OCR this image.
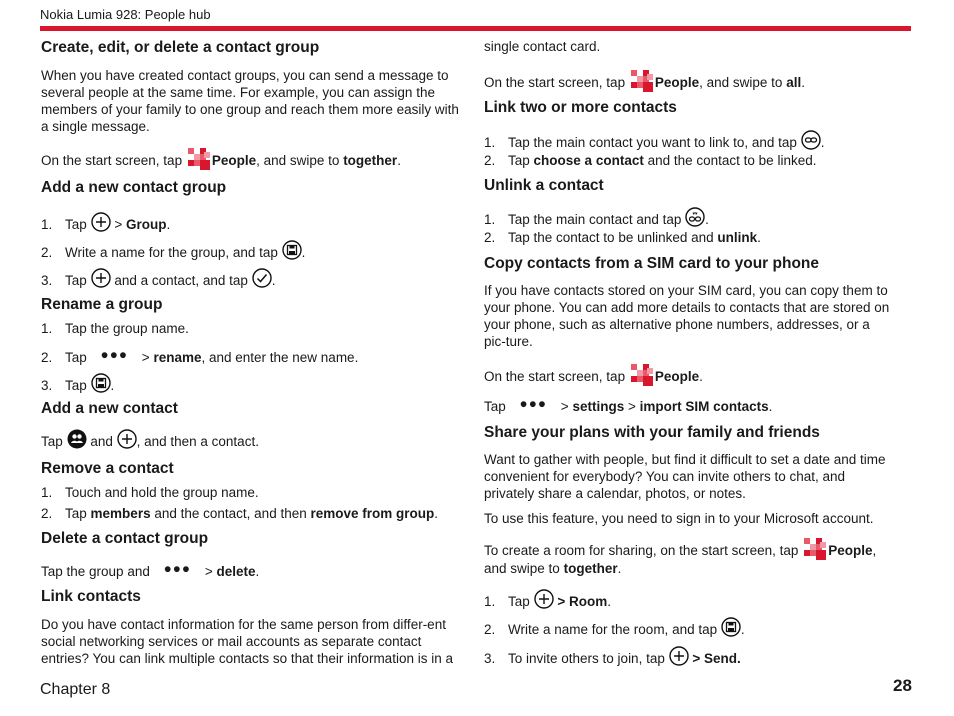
Nokia Lumia 928: People hub
Create, edit, or delete a contact group

When you have created contact groups, you can send a message to several people at the same time. For example, you can assign the members of your family to one group and reach them more easily with a single message.

On the start screen, tap People, and swipe to together.
Add a new contact group
1. Tap > Group.
2. Write a name for the group, and tap .
3. Tap and a contact, and tap .
Rename a group
1. Tap the group name.
2. Tap ●●● > rename, and enter the new name.
3. Tap .
Add a new contact
Tap and , and then a contact.
Remove a contact
1. Touch and hold the group name.
2. Tap members and the contact, and then remove from group.
Delete a contact group
Tap the group and ●●● > delete.
Link contacts

Do you have contact information for the same person from differ-ent social networking services or mail accounts as separate contact entries? You can link multiple contacts so that their information is in a

single contact card.
On the start screen, tap People, and swipe to all.
Link two or more contacts
1. Tap the main contact you want to link to, and tap .
2. Tap choose a contact and the contact to be linked.
Unlink a contact
1. Tap the main contact and tap .
2. Tap the contact to be unlinked and unlink.
Copy contacts from a SIM card to your phone

If you have contacts stored on your SIM card, you can copy them to your phone. You can add more details to contacts that are stored on your phone, such as alternative phone numbers, addresses, or a pic-ture.

On the start screen, tap People.
Tap ●●● > settings > import SIM contacts.
Share your plans with your family and friends

Want to gather with people, but find it difficult to set a date and time convenient for everybody? You can invite others to chat, and privately share a calendar, photos, or notes.

To use this feature, you need to sign in to your Microsoft account.

To create a room for sharing, on the start screen, tap People, and swipe to together.

1. Tap > Room.
2. Write a name for the room, and tap .
3. To invite others to join, tap > Send.
Chapter 8	28
